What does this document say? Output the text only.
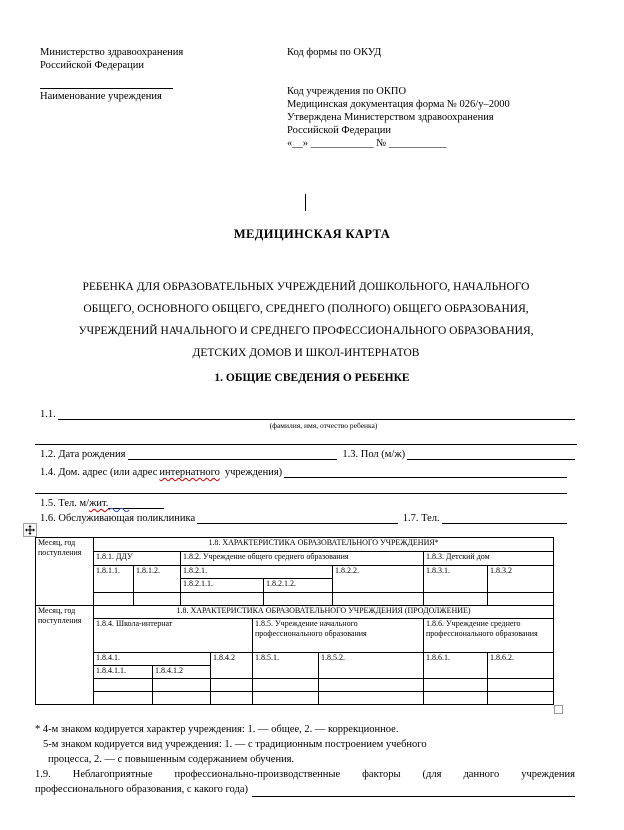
Министерство здравоохранения
Российской Федерации
Наименование учреждения
Код формы по ОКУД
Код учреждения по ОКПО
Медицинская документация форма № 026/у–2000
Утверждена Министерством здравоохранения
Российской Федерации
«__» ____________ № ___________
МЕДИЦИНСКАЯ КАРТА
РЕБЕНКА ДЛЯ ОБРАЗОВАТЕЛЬНЫХ УЧРЕЖДЕНИЙ ДОШКОЛЬНОГО, НАЧАЛЬНОГО
ОБЩЕГО, ОСНОВНОГО ОБЩЕГО, СРЕДНЕГО (ПОЛНОГО) ОБЩЕГО ОБРАЗОВАНИЯ,
УЧРЕЖДЕНИЙ НАЧАЛЬНОГО И СРЕДНЕГО ПРОФЕССИОНАЛЬНОГО ОБРАЗОВАНИЯ,
ДЕТСКИХ ДОМОВ И ШКОЛ-ИНТЕРНАТОВ
1. ОБЩИЕ СВЕДЕНИЯ О РЕБЕНКЕ
1.1.
(фамилия, имя, отчество ребенка)
1.2. Дата рождения	1.3. Пол (м/ж)
1.4. Дом. адрес (или адрес интернатного учреждения)
1.5. Тел. м/ жит.
1.6. Обслуживающая поликлиника	1.7. Тел.
Месяц, год поступления	1.8. ХАРАКТЕРИСТИКА ОБРАЗОВАТЕЛЬНОГО УЧРЕЖДЕНИЯ*						
	1.8.1. ДДУ		1.8.2. Учреждение общего среднего образования			1.8.3. Детский дом	
	1.8.1.1.	1.8.1.2.	1.8.2.1.		1.8.2.2.	1.8.3.1.	1.8.3.2
			1.8.2.1.1.	1.8.2.1.2.			

Месяц, год поступления	1.8. ХАРАКТЕРИСТИКА ОБРАЗОВАТЕЛЬНОГО УЧРЕЖДЕНИЯ (ПРОДОЛЖЕНИЕ)						
	1.8.4. Школа-интернат			1.8.5. Учреждение начального профессионального образования		1.8.6. Учреждение среднего профессионального образования	
	1.8.4.1.		1.8.4.2	1.8.5.1.	1.8.5.2.	1.8.6.1.	1.8.6.2.
	1.8.4.1.1.	1.8.4.1.2					

* 4-м знаком кодируется характер учреждения: 1. — общее, 2. — коррекционное.
5-м знаком кодируется вид учреждения: 1. — с традиционным построением учебного
процесса, 2. — с повышенным содержанием обучения.
1.9. Неблагоприятные профессионально-производственные факторы (для данного учреждения
профессионального образования, с какого года)
